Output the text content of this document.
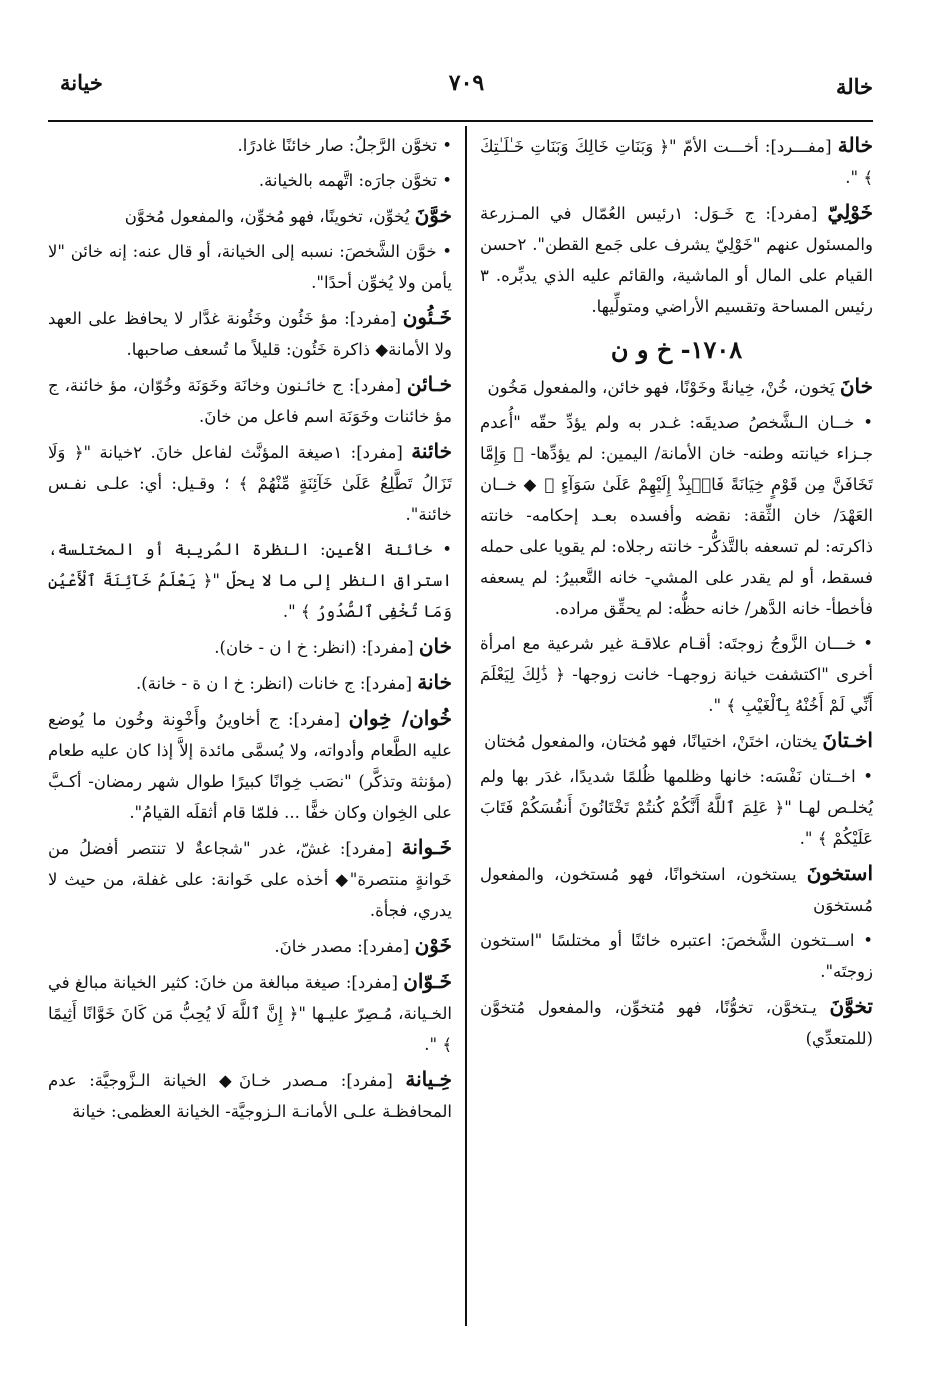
خالة
٧٠٩
خيانة

خالة [مفـــرد]: أخـــت الأمّ "﴿ وَبَنَاتِ خَالِكَ وَبَنَاتِ خَـٰلَـٰتِكَ ﴾ ".

خَوْلِيّ [مفرد]: ج خَـوَل: ١رئيس العُمّال في المـزرعة والمسئول عنهم "خَوْلِيّ يشرف على جَمع القطن". ٢حسن القيام على المال أو الماشية، والقائم عليه الذي يدبِّره. ٣ رئيس المساحة وتقسيم الأراضي ومتولِّيها.

١٧٠٨- خ و ن

خانَ يَخون، خُنْ، خِيانةً وخَوْنًا، فهو خائن، والمفعول مَخُون

• خــان الـشَّخصُ صديقَه: غـدر به ولم يؤدِّ حقّه "أُعدم جـزاء خيانته وطنه- خان الأمانة/ اليمين: لم يؤدِّها- ﴿ وَإِمَّا تَخَافَنَّ مِن قَوْمٍ خِيَانَةً فَانۢبِذْ إِلَيْهِمْ عَلَىٰ سَوَآءٍ ﴾ ◆ خــان العَهْدَ/ خان الثِّقة: نقضه وأفسده بعـد إحكامه- خانته ذاكرته: لم تسعفه بالتَّذكُّر- خانته رجلاه: لم يقويا على حمله فسقط، أو لم يقدر على المشي- خانه التَّعبيرُ: لم يسعفه فأخطأ- خانه الدَّهر/ خانه حظُّه: لم يحقِّق مراده.

• خـــان الزَّوجُ زوجتَه: أقـام علاقـة غير شرعية مع امرأة أخرى "اكتشفت خيانة زوجهـا- خانت زوجها- ﴿ ذَٰلِكَ لِيَعْلَمَ أَنِّي لَمْ أَخُنْهُ بِٱلْغَيْبِ ﴾ ".

اخـتانَ يختان، اختَنْ، اختيانًا، فهو مُختان، والمفعول مُختان

• اخــتان نَفْسَه: خانها وظلمها ظُلمًا شديدًا، غدَر بها ولم يُخلـص لهـا "﴿ عَلِمَ ٱللَّهُ أَنَّكُمْ كُنتُمْ تَخْتَانُونَ أَنفُسَكُمْ فَتَابَ عَلَيْكُمْ ﴾ ".

استخونَ يستخون، استخوانًا، فهو مُستخون، والمفعول مُستخوَن

• اســتخون الشَّخصَ: اعتبره خائنًا أو مختلسًا "استخون زوجتَه".

تخوَّنَ يـتخوَّن، تخوُّنًا، فهو مُتخوِّن، والمفعول مُتخوَّن (للمتعدِّي)

• تخوَّن الرَّجلُ: صار خائنًا غادرًا.

• تخوَّن جارَه: اتَّهمه بالخيانة.

خوَّنَ يُخوِّن، تخوينًا، فهو مُخوِّن، والمفعول مُخوَّن

• خوَّن الشَّخصَ: نسبه إلى الخيانة، أو قال عنه: إنه خائن "لا يأمن ولا يُخوِّن أحدًا".

خَـئُون [مفرد]: مؤ خَئُون وخَئُونة غدَّار لا يحافظ على العهد ولا الأمانة◆ ذاكرة خَئُون: قليلاً ما تُسعف صاحبها.

خـائن [مفرد]: ج خائـنون وخانَة وخَوَنَة وخُوّان، مؤ خائنة، ج مؤ خائنات وخَوَنَة اسم فاعل من خانَ.

خائنة [مفرد]: ١صيغة المؤنَّث لفاعل خانَ. ٢خيانة "﴿ وَلَا تَزَالُ تَطَّلِعُ عَلَىٰ خَآئِنَةٍ مِّنْهُمْ ﴾ ؛ وقـيل: أي: علـى نفـس خائنة".

• خائنة الأعين: النظرة المُريبة أو المختلسة، استراق النظر إلى ما لا يحلّ "﴿ يَعْلَمُ خَآئِنَةَ ٱلْأَعْيُنِ وَمَا تُخْفِى ٱلصُّدُورُ ﴾ ".

خان [مفرد]: (انظر: خ ا ن - خان).

خانة [مفرد]: ج خانات (انظر: خ ا ن ة - خانة).

خُوان/ خِوان [مفرد]: ج أخاوينُ وأَخْوِنة وخُون ما يُوضع عليه الطَّعام وأدواته، ولا يُسمَّى مائدة إلاَّ إذا كان عليه طعام (مؤنثة وتذكَّر) "نصَب خِوانًا كبيرًا طوال شهر رمضان- أكـبَّ على الخِوان وكان خفًّا ... فلمّا قام أثقلَه القيامُ".

خَـوانة [مفرد]: غشّ، غدر "شجاعةٌ لا تنتصر أفضلُ من خَوانةٍ منتصرة"◆ أخذه على خَوانة: على غفلة، من حيث لا يدري، فجأة.

خَوْن [مفرد]: مصدر خانَ.

خَـوّان [مفرد]: صيغة مبالغة من خانَ: كثير الخيانة مبالغ في الخـيانة، مُـصِرّ عليـها "﴿ إِنَّ ٱللَّهَ لَا يُحِبُّ مَن كَانَ خَوَّانًا أَثِيمًا ﴾ ".

خِـيانة [مفرد]: مـصدر خـانَ◆ الخيانة الـزَّوجيَّة: عدم المحافظـة علـى الأمانـة الـزوجيَّة- الخيانة العظمى: خيانة
